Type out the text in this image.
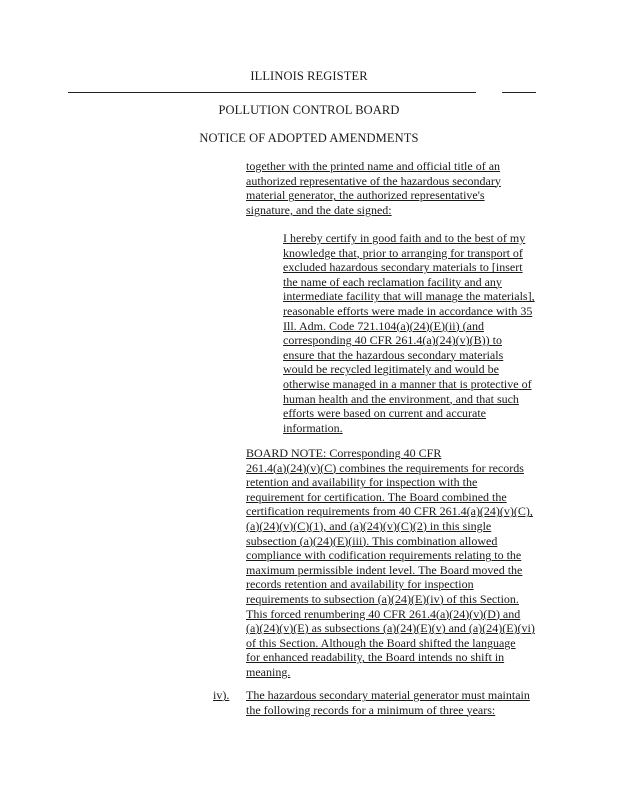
ILLINOIS REGISTER
POLLUTION CONTROL BOARD
NOTICE OF ADOPTED AMENDMENTS
together with the printed name and official title of an
authorized representative of the hazardous secondary
material generator, the authorized representative's
signature, and the date signed:
I hereby certify in good faith and to the best of my
knowledge that, prior to arranging for transport of
excluded hazardous secondary materials to [insert
the name of each reclamation facility and any
intermediate facility that will manage the materials],
reasonable efforts were made in accordance with 35
Ill. Adm. Code 721.104(a)(24)(E)(ii) (and
corresponding 40 CFR 261.4(a)(24)(v)(B)) to
ensure that the hazardous secondary materials
would be recycled legitimately and would be
otherwise managed in a manner that is protective of
human health and the environment, and that such
efforts were based on current and accurate
information.
BOARD NOTE: Corresponding 40 CFR
261.4(a)(24)(v)(C) combines the requirements for records
retention and availability for inspection with the
requirement for certification. The Board combined the
certification requirements from 40 CFR 261.4(a)(24)(v)(C),
(a)(24)(v)(C)(1), and (a)(24)(v)(C)(2) in this single
subsection (a)(24)(E)(iii). This combination allowed
compliance with codification requirements relating to the
maximum permissible indent level. The Board moved the
records retention and availability for inspection
requirements to subsection (a)(24)(E)(iv) of this Section.
This forced renumbering 40 CFR 261.4(a)(24)(v)(D) and
(a)(24)(v)(E) as subsections (a)(24)(E)(v) and (a)(24)(E)(vi)
of this Section. Although the Board shifted the language
for enhanced readability, the Board intends no shift in
meaning.
iv). The hazardous secondary material generator must maintain
the following records for a minimum of three years:
